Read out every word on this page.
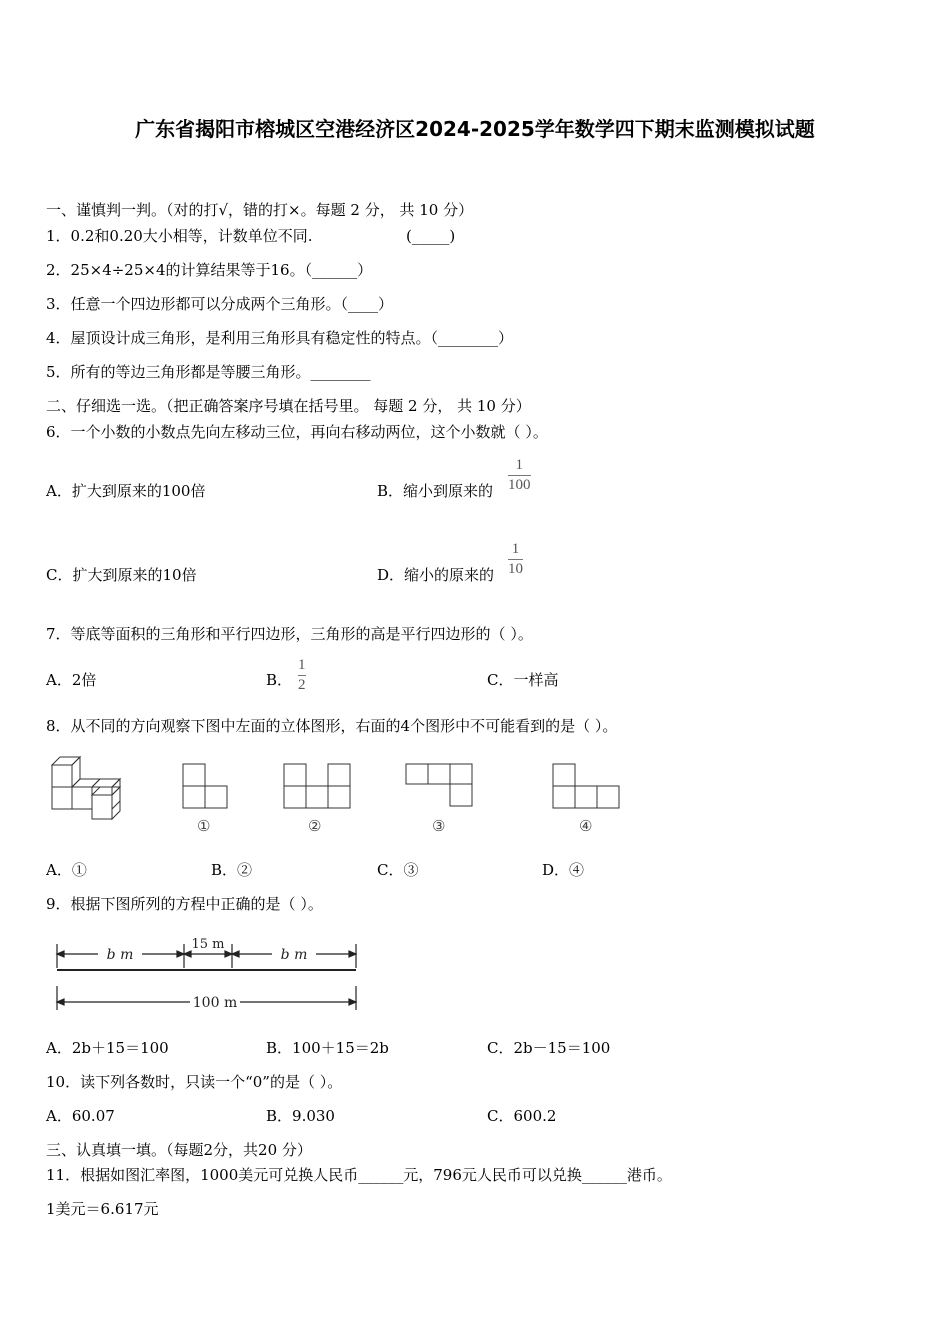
广东省揭阳市榕城区空港经济区2024-2025学年数学四下期末监测模拟试题
一、谨慎判一判。（对的打√，错的打×。每题 2 分， 共 10 分）
1．0.2和0.20大小相等，计数单位不同.	(_____)
2．25×4÷25×4的计算结果等于16。（______）
3．任意一个四边形都可以分成两个三角形。（____）
4．屋顶设计成三角形，是利用三角形具有稳定性的特点。（________）
5．所有的等边三角形都是等腰三角形。________
二、仔细选一选。（把正确答案序号填在括号里。 每题 2 分， 共 10 分）
6．一个小数的小数点先向左移动三位，再向右移动两位，这个小数就（ ）。
A．扩大到原来的100倍	B．缩小到原来的
1
100
C．扩大到原来的10倍	D．缩小的原来的
1
10
7．等底等面积的三角形和平行四边形，三角形的高是平行四边形的（ ）。
A．2倍	B．
1
2	C．一样高
8．从不同的方向观察下图中左面的立体图形，右面的4个图形中不可能看到的是（ ）。
①	②	③	④
A．①	B．②	C．③	D．④
9．根据下图所列的方程中正确的是（ ）。
b m
15 m
b m
100 m
A．2b＋15＝100	B．100＋15＝2b	C．2b－15＝100
10．读下列各数时，只读一个“0”的是（ ）。
A．60.07	B．9.030	C．600.2
三、认真填一填。（每题2分，共20 分）
11．根据如图汇率图，1000美元可兑换人民币______元，796元人民币可以兑换______港币。
1美元＝6.617元
